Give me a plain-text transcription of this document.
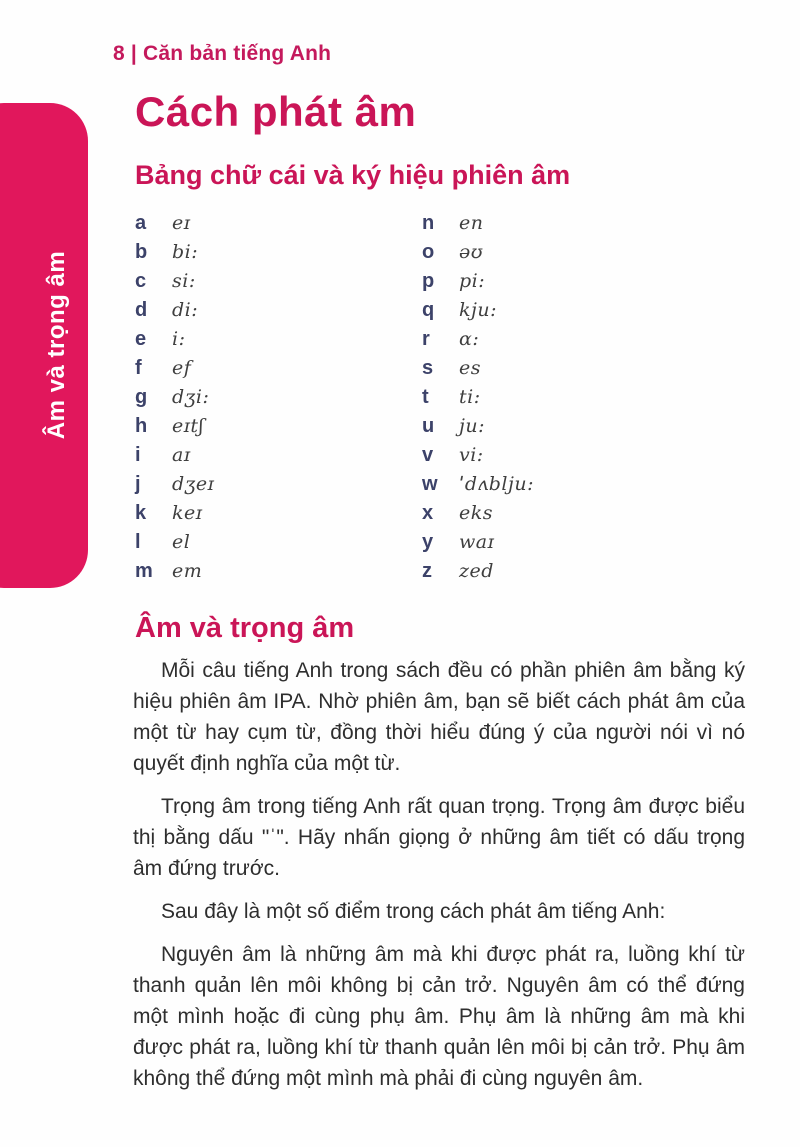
Âm và trọng âm
8 | Căn bản tiếng Anh
Cách phát âm
Bảng chữ cái và ký hiệu phiên âm
a	eɪ
b	bi:
c	si:
d	di:
e	i:
f	ef
g	dʒi:
h	eɪtʃ
i	aɪ
j	dʒeɪ
k	keɪ
l	el
m	em
n	en
o	əʊ
p	pi:
q	kju:
r	ɑ:
s	es
t	ti:
u	ju:
v	vi:
w	ˈdʌblju:
x	eks
y	waɪ
z	zed
Âm và trọng âm

Mỗi câu tiếng Anh trong sách đều có phần phiên âm bằng ký hiệu phiên âm IPA. Nhờ phiên âm, bạn sẽ biết cách phát âm của một từ hay cụm từ, đồng thời hiểu đúng ý của người nói vì nó quyết định nghĩa của một từ.

Trọng âm trong tiếng Anh rất quan trọng. Trọng âm được biểu thị bằng dấu "ˈ". Hãy nhấn giọng ở những âm tiết có dấu trọng âm đứng trước.

Sau đây là một số điểm trong cách phát âm tiếng Anh:

Nguyên âm là những âm mà khi được phát ra, luồng khí từ thanh quản lên môi không bị cản trở. Nguyên âm có thể đứng một mình hoặc đi cùng phụ âm. Phụ âm là những âm mà khi được phát ra, luồng khí từ thanh quản lên môi bị cản trở. Phụ âm không thể đứng một mình mà phải đi cùng nguyên âm.
